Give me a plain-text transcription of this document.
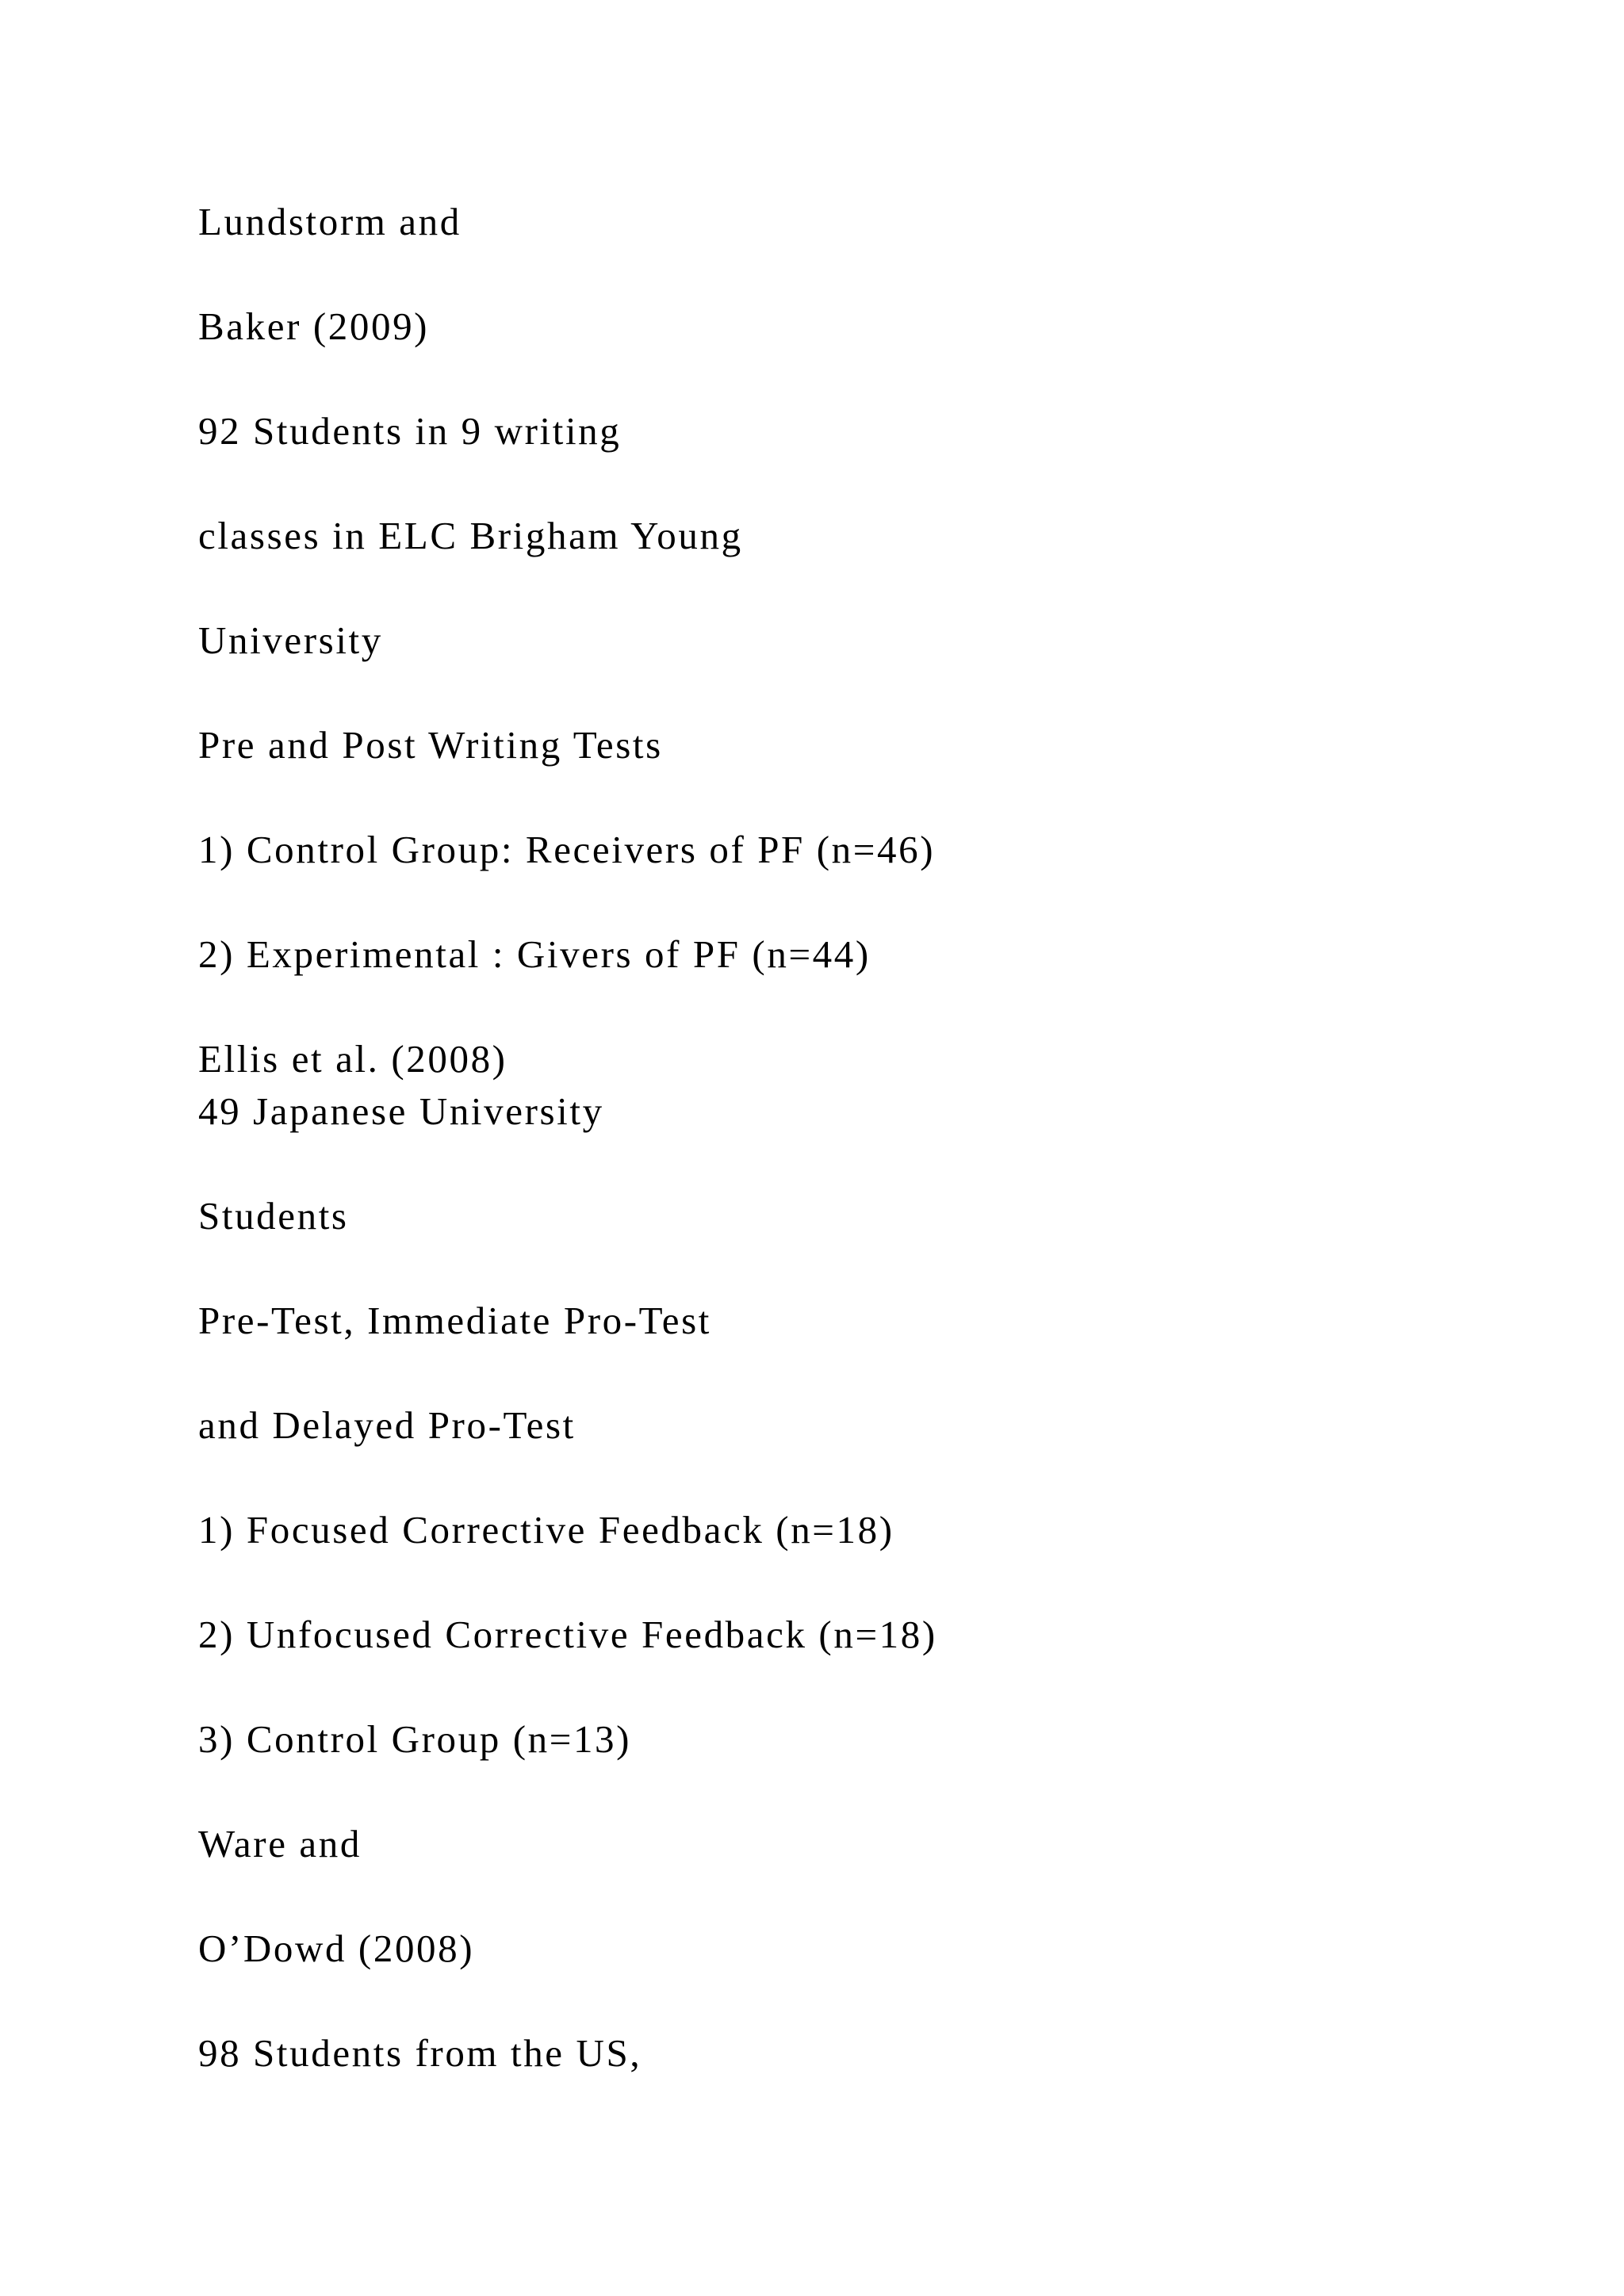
Lundstorm and
Baker (2009)
92 Students in 9 writing
classes in ELC Brigham Young
University
Pre and Post Writing Tests
1) Control Group: Receivers of PF (n=46)
2) Experimental : Givers of PF (n=44)
Ellis et al. (2008)
49 Japanese University
Students
Pre-Test, Immediate Pro-Test
and Delayed Pro-Test
1) Focused Corrective Feedback (n=18)
2) Unfocused Corrective Feedback (n=18)
3) Control Group (n=13)
Ware and
O’Dowd (2008)
98 Students from the US,
